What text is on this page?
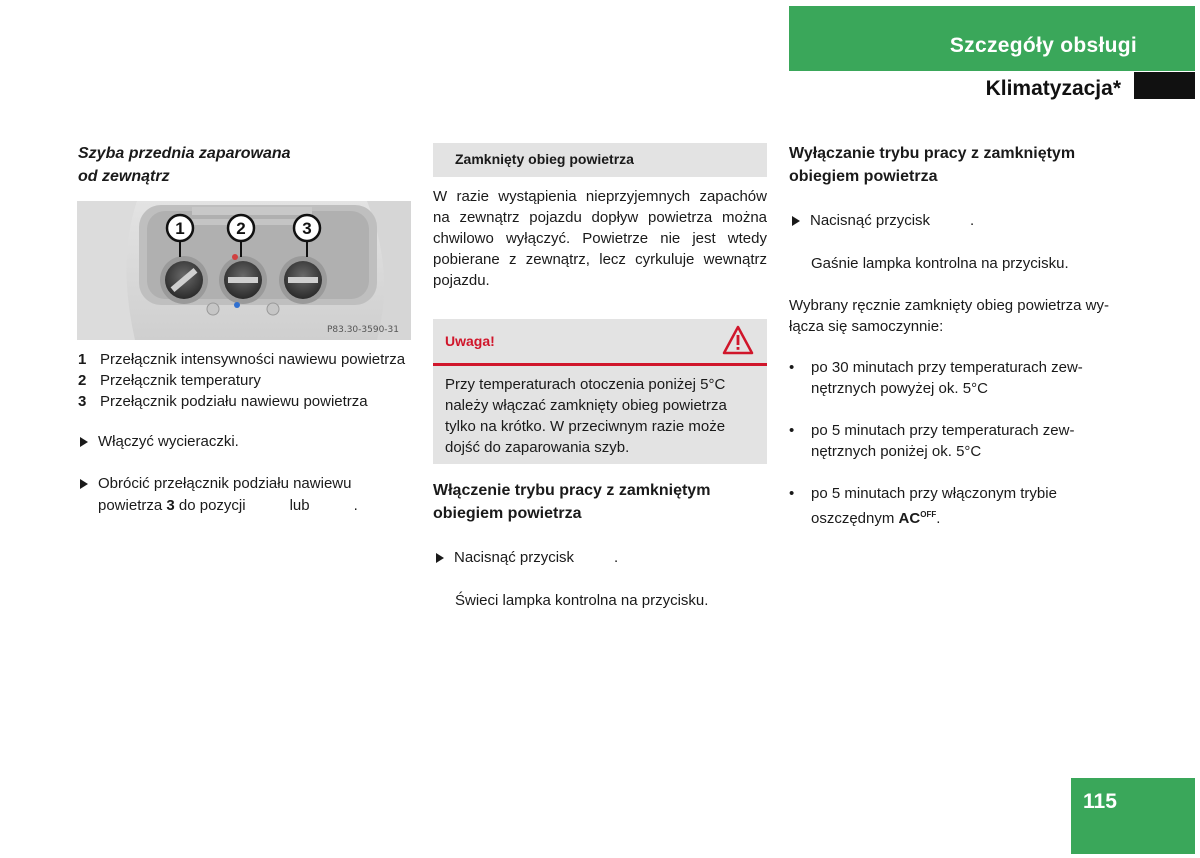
Szczegóły obsługi
Klimatyzacja*
Szyba przednia zaparowana
od zewnątrz
1	2	3
P83.30-3590-31
1 Przełącznik intensywności nawiewu powietrza
2 Przełącznik temperatury
3 Przełącznik podziału nawiewu powietrza
Włączyć wycieraczki.
Obrócić przełącznik podziału nawiewu powietrza 3 do pozycji	lub	.
Zamknięty obieg powietrza
W razie wystąpienia nieprzyjemnych zapachów na zewnątrz pojazdu dopływ powietrza można chwilowo wyłączyć. Powietrze nie jest wtedy pobierane z zewnątrz, lecz cyrkuluje wewnątrz pojazdu.
Uwaga!
Przy temperaturach otoczenia poniżej 5°C należy włączać zamknięty obieg powietrza tylko na krótko. W przeciwnym razie może dojść do zaparowania szyb.
Włączenie trybu pracy z zamkniętym
obiegiem powietrza
Nacisnąć przycisk	.
Świeci lampka kontrolna na przycisku.
Wyłączanie trybu pracy z zamkniętym
obiegiem powietrza
Nacisnąć przycisk	.
Gaśnie lampka kontrolna na przycisku.
Wybrany ręcznie zamknięty obieg powietrza wy-
łącza się samoczynnie:
•	po 30 minutach przy temperaturach zew-
nętrznych powyżej ok. 5°C
•	po 5 minutach przy temperaturach zew-
nętrznych poniżej ok. 5°C
•	po 5 minutach przy włączonym trybie
oszczędnym $AC^{OFF}$.
115
